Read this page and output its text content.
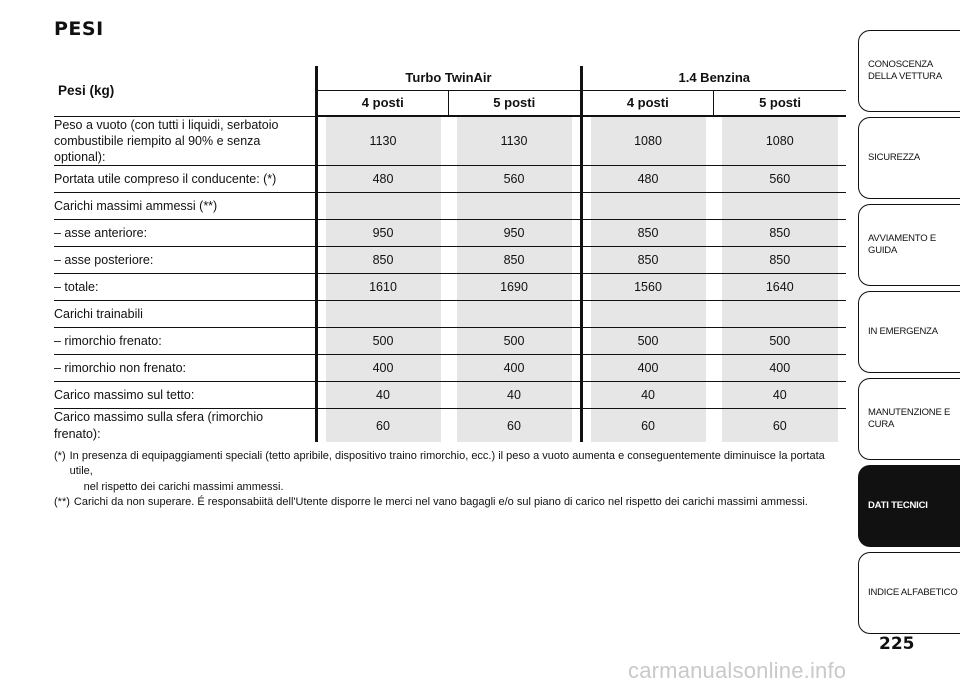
PESI
Pesi (kg)	Turbo TwinAir		1.4 Benzina	
	4 posti	5 posti	4 posti	5 posti
Peso a vuoto (con tutti i liquidi, serbatoio
combustibile riempito al 90% e senza optional):	1130	1130	1080	1080
Portata utile compreso il conducente: (*)	480	560	480	560
Carichi massimi ammessi (**)	

– asse anteriore:	950	950	850	850
– asse posteriore:	850	850	850	850
– totale:	1610	1690	1560	1640
Carichi trainabili	

– rimorchio frenato:	500	500	500	500
– rimorchio non frenato:	400	400	400	400
Carico massimo sul tetto:	40	40	40	40
Carico massimo sulla sfera (rimorchio frenato):	60	60	60	60
(*) In presenza di equipaggiamenti speciali (tetto apribile, dispositivo traino rimorchio, ecc.) il peso a vuoto aumenta e conseguentemente diminuisce la portata utile,
nel rispetto dei carichi massimi ammessi.
(**) Carichi da non superare. É responsabiitä dell'Utente disporre le merci nel vano bagagli e/o sul piano di carico nel rispetto dei carichi massimi ammessi.
CONOSCENZA
DELLA VETTURA
SICUREZZA
AVVIAMENTO E
GUIDA
IN EMERGENZA
MANUTENZIONE E
CURA
DATI TECNICI
INDICE ALFABETICO
225
carmanualsonline.info
